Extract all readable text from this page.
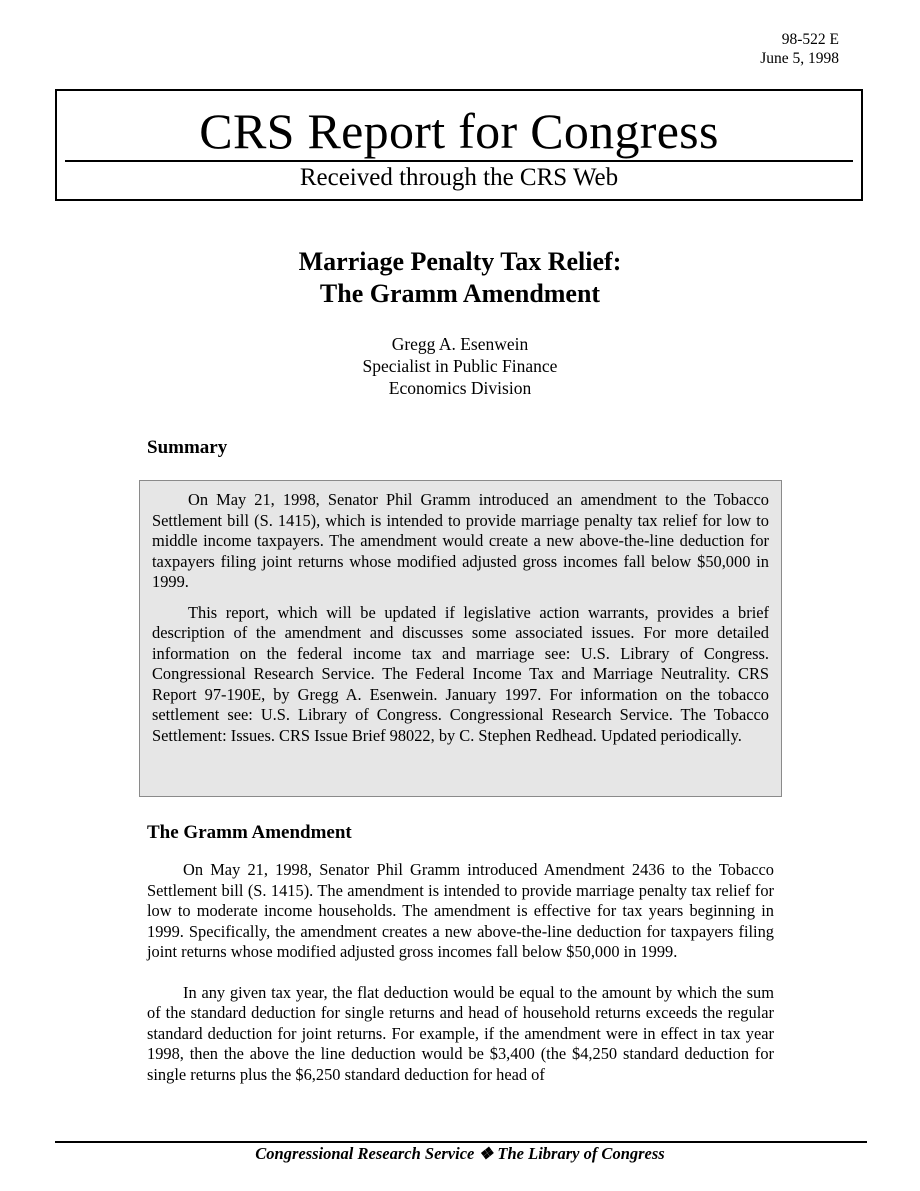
98-522 E
June 5, 1998
CRS Report for Congress
Received through the CRS Web
Marriage Penalty Tax Relief:
The Gramm Amendment
Gregg A. Esenwein
Specialist in Public Finance
Economics Division
Summary

On May 21, 1998, Senator Phil Gramm introduced an amendment to the Tobacco Settlement bill (S. 1415), which is intended to provide marriage penalty tax relief for low to middle income taxpayers. The amendment would create a new above-the-line deduction for taxpayers filing joint returns whose modified adjusted gross incomes fall below $50,000 in 1999.

This report, which will be updated if legislative action warrants, provides a brief description of the amendment and discusses some associated issues. For more detailed information on the federal income tax and marriage see: U.S. Library of Congress. Congressional Research Service. The Federal Income Tax and Marriage Neutrality. CRS Report 97-190E, by Gregg A. Esenwein. January 1997. For information on the tobacco settlement see: U.S. Library of Congress. Congressional Research Service. The Tobacco Settlement: Issues. CRS Issue Brief 98022, by C. Stephen Redhead. Updated periodically.

The Gramm Amendment

On May 21, 1998, Senator Phil Gramm introduced Amendment 2436 to the Tobacco Settlement bill (S. 1415). The amendment is intended to provide marriage penalty tax relief for low to moderate income households. The amendment is effective for tax years beginning in 1999. Specifically, the amendment creates a new above-the-line deduction for taxpayers filing joint returns whose modified adjusted gross incomes fall below $50,000 in 1999.

In any given tax year, the flat deduction would be equal to the amount by which the sum of the standard deduction for single returns and head of household returns exceeds the regular standard deduction for joint returns. For example, if the amendment were in effect in tax year 1998, then the above the line deduction would be $3,400 (the $4,250 standard deduction for single returns plus the $6,250 standard deduction for head of

Congressional Research Service ❖ The Library of Congress
